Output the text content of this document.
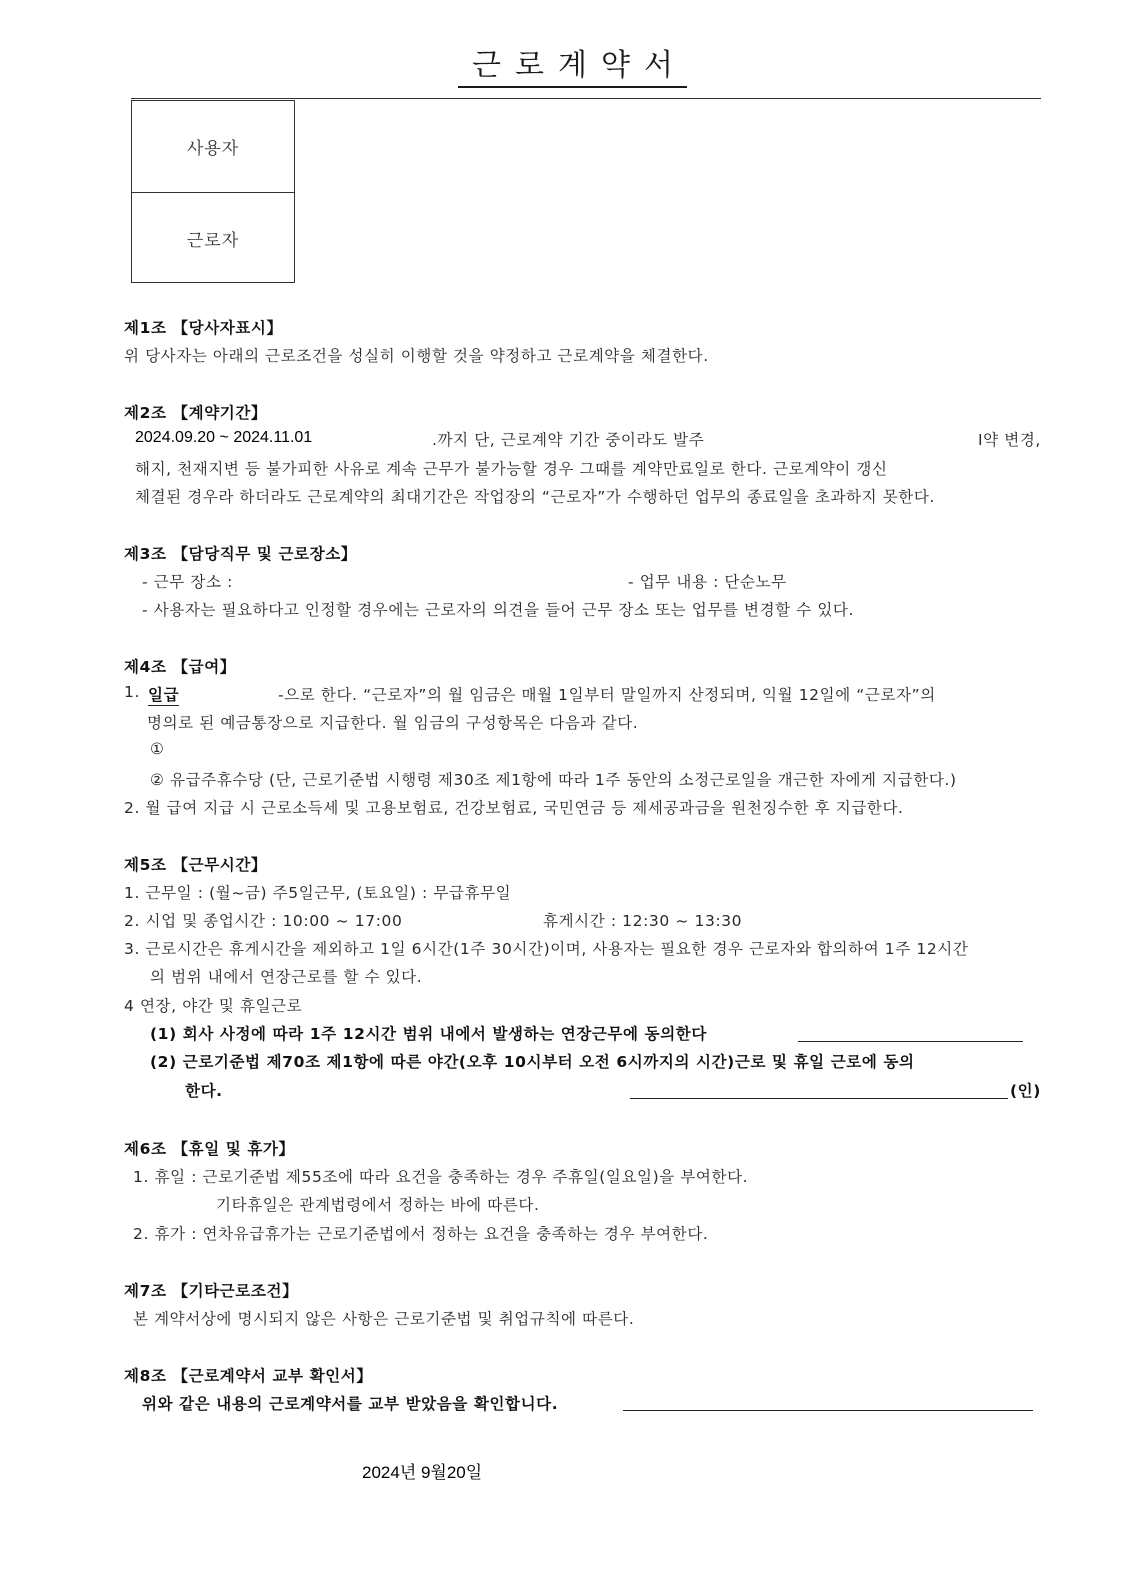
근로계약서
사용자
근로자
제1조 【당사자표시】
위 당사자는 아래의 근로조건을 성실히 이행할 것을 약정하고 근로계약을 체결한다.
제2조 【계약기간】
2024.09.20 ~ 2024.11.01	.까지 단, 근로계약 기간 중이라도 발주	I약 변경,
해지, 천재지변 등 불가피한 사유로 계속 근무가 불가능할 경우 그때를 계약만료일로 한다. 근로계약이 갱신
체결된 경우라 하더라도 근로계약의 최대기간은 작업장의 “근로자”가 수행하던 업무의 종료일을 초과하지 못한다.
제3조 【담당직무 및 근로장소】
- 근무 장소 :	- 업무 내용 : 단순노무
- 사용자는 필요하다고 인정할 경우에는 근로자의 의견을 들어 근무 장소 또는 업무를 변경할 수 있다.
제4조 【급여】
1. 일급	-으로 한다. “근로자”의 월 임금은 매월 1일부터 말일까지 산정되며, 익월 12일에 “근로자”의
명의로 된 예금통장으로 지급한다. 월 임금의 구성항목은 다음과 같다.
①
② 유급주휴수당 (단, 근로기준법 시행령 제30조 제1항에 따라 1주 동안의 소정근로일을 개근한 자에게 지급한다.)
2. 월 급여 지급 시 근로소득세 및 고용보험료, 건강보험료, 국민연금 등 제세공과금을 원천징수한 후 지급한다.
제5조 【근무시간】
1. 근무일 : (월~금) 주5일근무, (토요일) : 무급휴무일
2. 시업 및 종업시간 : 10:00 ~ 17:00	휴게시간 : 12:30 ~ 13:30
3. 근로시간은 휴게시간을 제외하고 1일 6시간(1주 30시간)이며, 사용자는 필요한 경우 근로자와 합의하여 1주 12시간
의 범위 내에서 연장근로를 할 수 있다.
4 연장, 야간 및 휴일근로
(1) 회사 사정에 따라 1주 12시간 범위 내에서 발생하는 연장근무에 동의한다
(2) 근로기준법 제70조 제1항에 따른 야간(오후 10시부터 오전 6시까지의 시간)근로 및 휴일 근로에 동의
한다.	(인)
제6조 【휴일 및 휴가】
1. 휴일 : 근로기준법 제55조에 따라 요건을 충족하는 경우 주휴일(일요일)을 부여한다.
기타휴일은 관계법령에서 정하는 바에 따른다.
2. 휴가 : 연차유급휴가는 근로기준법에서 정하는 요건을 충족하는 경우 부여한다.
제7조 【기타근로조건】
본 계약서상에 명시되지 않은 사항은 근로기준법 및 취업규칙에 따른다.
제8조 【근로계약서 교부 확인서】
위와 같은 내용의 근로계약서를 교부 받았음을 확인합니다.
2024년 9월20일
